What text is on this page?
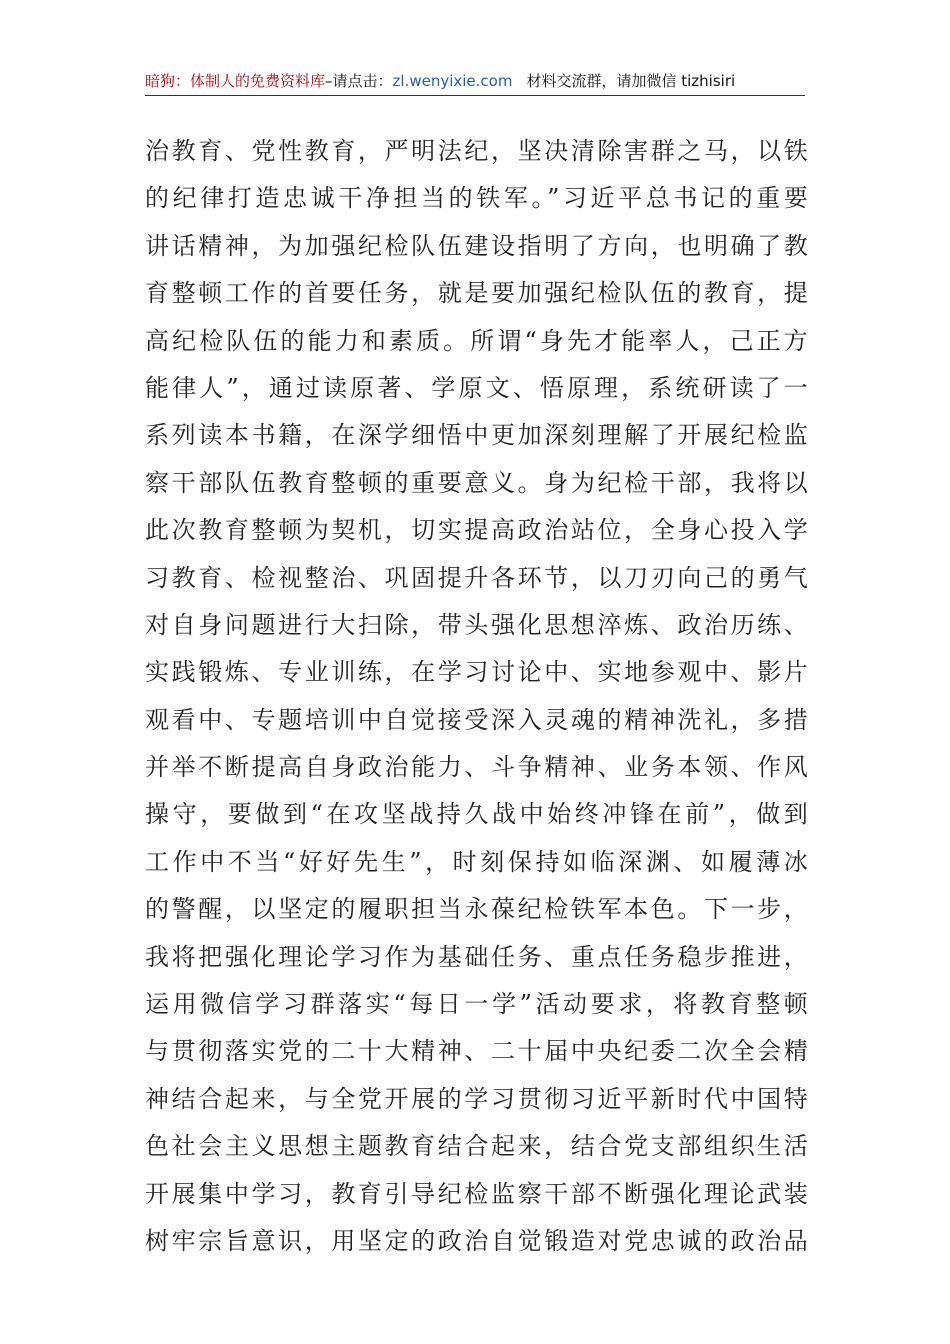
暗狗：体制人的免费资料库–请点击：zl.wenyixie.com 材料交流群，请加微信 tizhisiri
治教育、党性教育，严明法纪，坚决清除害群之马，以铁
的纪律打造忠诚干净担当的铁军。”习近平总书记的重要
讲话精神，为加强纪检队伍建设指明了方向，也明确了教
育整顿工作的首要任务，就是要加强纪检队伍的教育，提
高纪检队伍的能力和素质。所谓“身先才能率人，己正方
能律人”，通过读原著、学原文、悟原理，系统研读了一
系列读本书籍，在深学细悟中更加深刻理解了开展纪检监
察干部队伍教育整顿的重要意义。身为纪检干部，我将以
此次教育整顿为契机，切实提高政治站位，全身心投入学
习教育、检视整治、巩固提升各环节，以刀刃向己的勇气
对自身问题进行大扫除，带头强化思想淬炼、政治历练、
实践锻炼、专业训练，在学习讨论中、实地参观中、影片
观看中、专题培训中自觉接受深入灵魂的精神洗礼，多措
并举不断提高自身政治能力、斗争精神、业务本领、作风
操守，要做到“在攻坚战持久战中始终冲锋在前”，做到
工作中不当“好好先生”，时刻保持如临深渊、如履薄冰
的警醒，以坚定的履职担当永葆纪检铁军本色。下一步，
我将把强化理论学习作为基础任务、重点任务稳步推进，
运用微信学习群落实“每日一学”活动要求，将教育整顿
与贯彻落实党的二十大精神、二十届中央纪委二次全会精
神结合起来，与全党开展的学习贯彻习近平新时代中国特
色社会主义思想主题教育结合起来，结合党支部组织生活
开展集中学习，教育引导纪检监察干部不断强化理论武装
树牢宗旨意识，用坚定的政治自觉锻造对党忠诚的政治品
